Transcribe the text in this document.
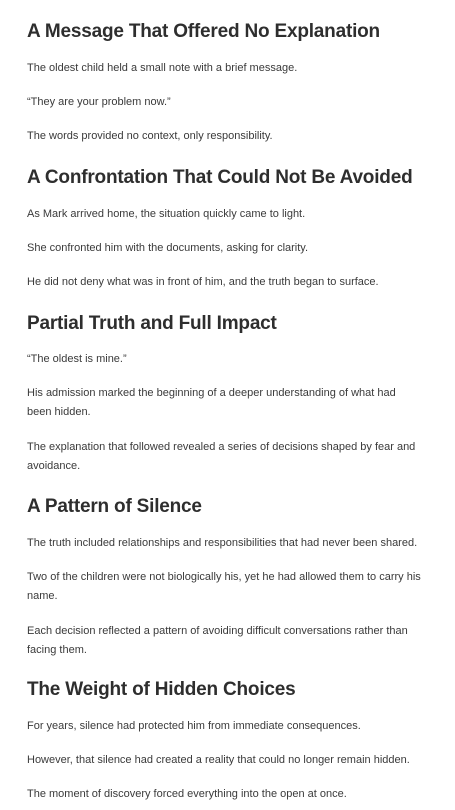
A Message That Offered No Explanation

The oldest child held a small note with a brief message.

“They are your problem now.”

The words provided no context, only responsibility.

A Confrontation That Could Not Be Avoided

As Mark arrived home, the situation quickly came to light.

She confronted him with the documents, asking for clarity.

He did not deny what was in front of him, and the truth began to surface.

Partial Truth and Full Impact

“The oldest is mine.”

His admission marked the beginning of a deeper understanding of what had been hidden.

The explanation that followed revealed a series of decisions shaped by fear and avoidance.

A Pattern of Silence

The truth included relationships and responsibilities that had never been shared.

Two of the children were not biologically his, yet he had allowed them to carry his name.

Each decision reflected a pattern of avoiding difficult conversations rather than facing them.

The Weight of Hidden Choices

For years, silence had protected him from immediate consequences.

However, that silence had created a reality that could no longer remain hidden.

The moment of discovery forced everything into the open at once.
